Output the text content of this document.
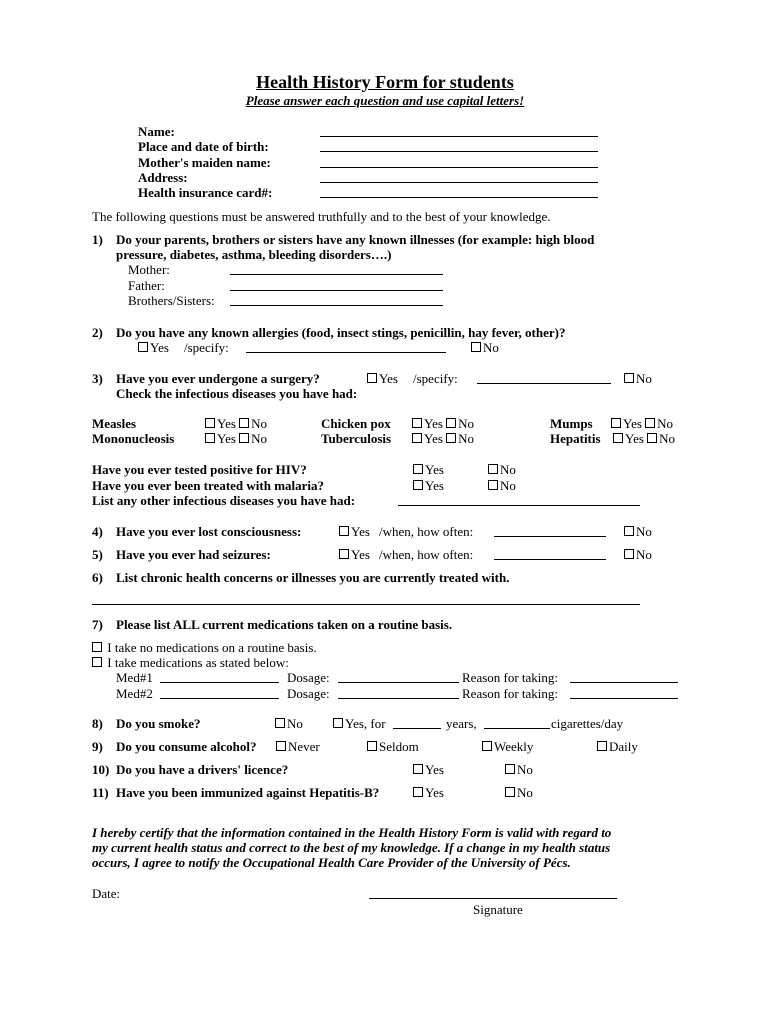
Health History Form for students
Please answer each question and use capital letters!
Name:
Place and date of birth:
Mother's maiden name:
Address:
Health insurance card#:
The following questions must be answered truthfully and to the best of your knowledge.
1) Do your parents, brothers or sisters have any known illnesses (for example: high blood
pressure, diabetes, asthma, bleeding disorders….)
Mother:
Father:
Brothers/Sisters:
2) Do you have any known allergies (food, insect stings, penicillin, hay fever, other)?
Yes /specify:	No
3) Have you ever undergone a surgery?	Yes /specify:	No
Check the infectious diseases you have had:
Measles	Yes No	Chicken pox	Yes No	Mumps	Yes No
Mononucleosis	Yes No	Tuberculosis	Yes No	Hepatitis	Yes No
Have you ever tested positive for HIV?	Yes	No
Have you ever been treated with malaria?	Yes	No
List any other infectious diseases you have had:
4) Have you ever lost consciousness:	Yes /when, how often:	No
5) Have you ever had seizures:	Yes /when, how often:	No
6) List chronic health concerns or illnesses you are currently treated with.
7) Please list ALL current medications taken on a routine basis.
I take no medications on a routine basis.
I take medications as stated below:
Med#1	Dosage:	Reason for taking:
Med#2	Dosage:	Reason for taking:
8) Do you smoke?	No	Yes, for	years,	cigarettes/day
9) Do you consume alcohol?	Never	Seldom	Weekly	Daily
10) Do you have a drivers' licence?	Yes	No
11) Have you been immunized against Hepatitis-B?	Yes	No
I hereby certify that the information contained in the Health History Form is valid with regard to
my current health status and correct to the best of my knowledge. If a change in my health status
occurs, I agree to notify the Occupational Health Care Provider of the University of Pécs.
Date:
Signature
